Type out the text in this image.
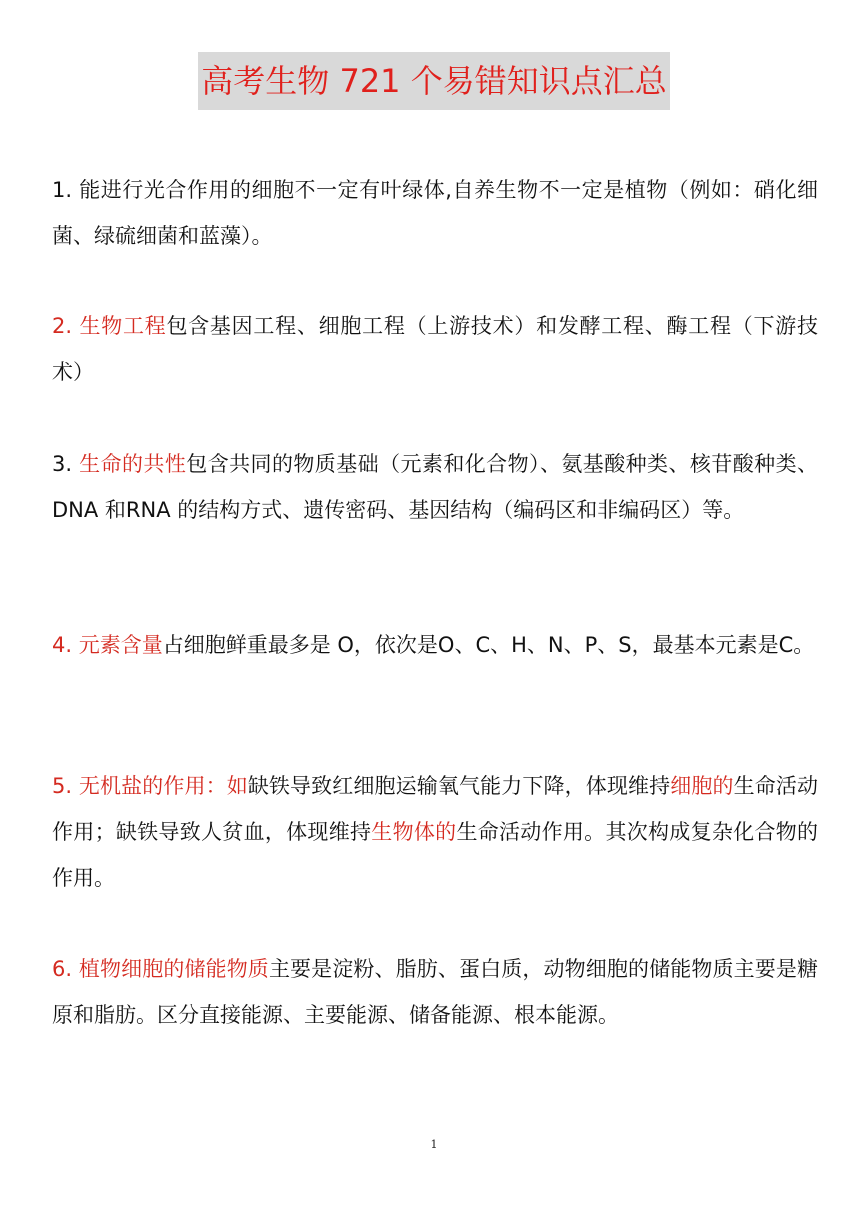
高考生物 721 个易错知识点汇总

1. 能进行光合作用的细胞不一定有叶绿体,自养生物不一定是植物（例如：硝化细菌、绿硫细菌和蓝藻）。

2. 生物工程包含基因工程、细胞工程（上游技术）和发酵工程、酶工程（下游技术）

3. 生命的共性包含共同的物质基础（元素和化合物）、氨基酸种类、核苷酸种类、DNA 和RNA 的结构方式、遗传密码、基因结构（编码区和非编码区）等。

4. 元素含量占细胞鲜重最多是 O，依次是O、C、H、N、P、S，最基本元素是C。

5. 无机盐的作用：如缺铁导致红细胞运输氧气能力下降，体现维持细胞的生命活动作用；缺铁导致人贫血，体现维持生物体的生命活动作用。其次构成复杂化合物的作用。

6. 植物细胞的储能物质主要是淀粉、脂肪、蛋白质，动物细胞的储能物质主要是糖原和脂肪。区分直接能源、主要能源、储备能源、根本能源。

1
